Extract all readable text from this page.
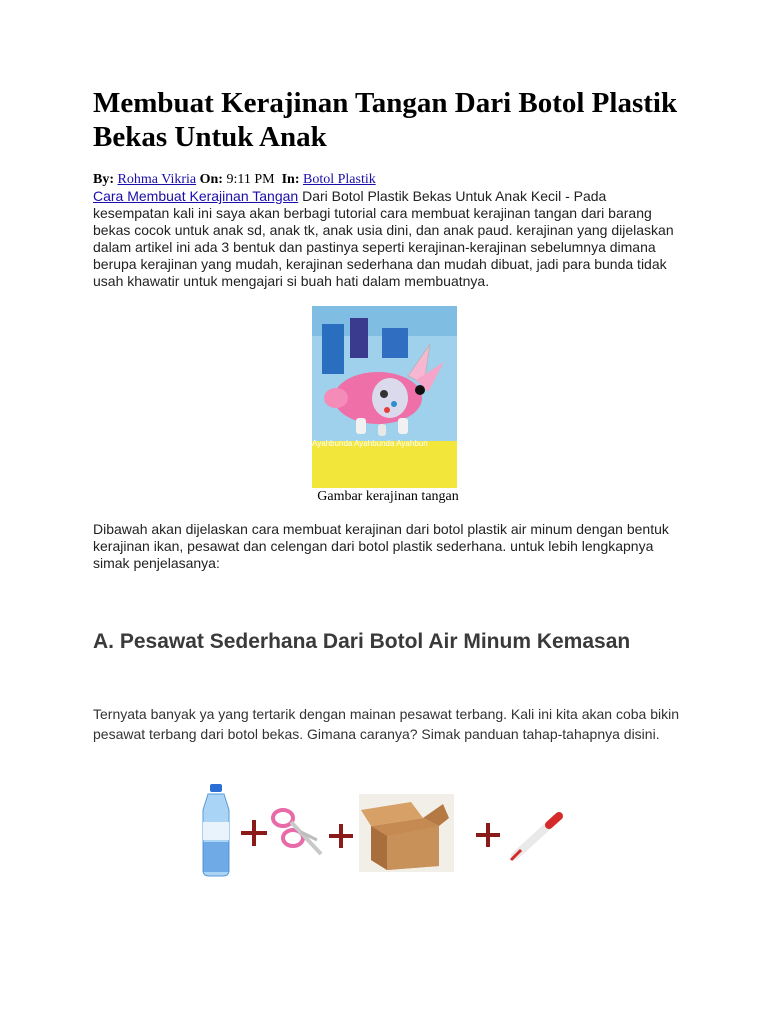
Membuat Kerajinan Tangan Dari Botol Plastik Bekas Untuk Anak
By: Rohma Vikria On: 9:11 PM In: Botol Plastik
Cara Membuat Kerajinan Tangan Dari Botol Plastik Bekas Untuk Anak Kecil - Pada kesempatan kali ini saya akan berbagi tutorial cara membuat kerajinan tangan dari barang bekas cocok untuk anak sd, anak tk, anak usia dini, dan anak paud. kerajinan yang dijelaskan dalam artikel ini ada 3 bentuk dan pastinya seperti kerajinan-kerajinan sebelumnya dimana berupa kerajinan yang mudah, kerajinan sederhana dan mudah dibuat, jadi para bunda tidak usah khawatir untuk mengajari si buah hati dalam membuatnya.
Ayahbunda Ayahbunda Ayahbun
Gambar kerajinan tangan
Dibawah akan dijelaskan cara membuat kerajinan dari botol plastik air minum dengan bentuk kerajinan ikan, pesawat dan celengan dari botol plastik sederhana. untuk lebih lengkapnya simak penjelasanya:
A. Pesawat Sederhana Dari Botol Air Minum Kemasan
Ternyata banyak ya yang tertarik dengan mainan pesawat terbang. Kali ini kita akan coba bikin pesawat terbang dari botol bekas. Gimana caranya? Simak panduan tahap-tahapnya disini.
